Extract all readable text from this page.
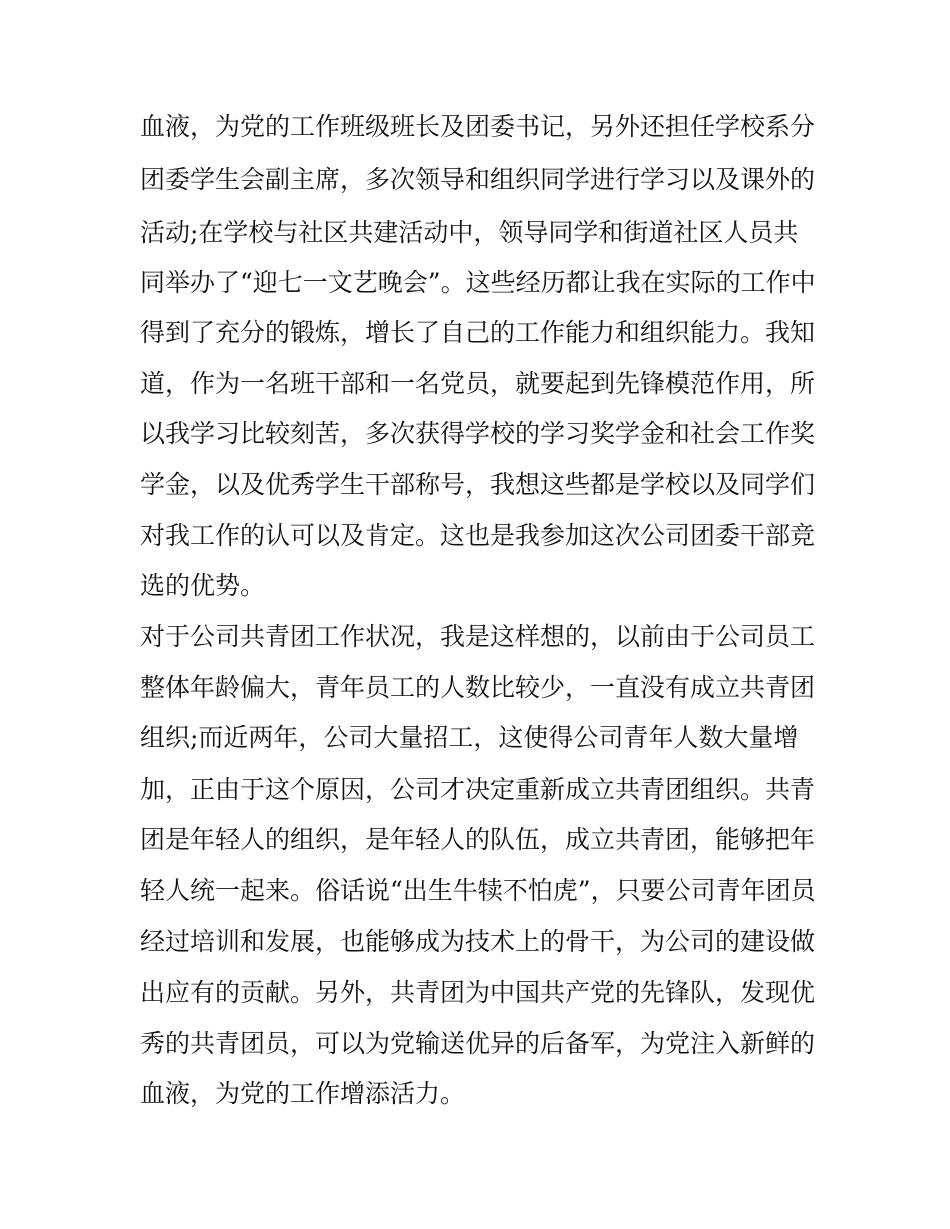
血液，为党的工作班级班长及团委书记，另外还担任学校系分

团委学生会副主席，多次领导和组织同学进行学习以及课外的

活动;在学校与社区共建活动中，领导同学和街道社区人员共

同举办了“迎七一文艺晚会”。这些经历都让我在实际的工作中

得到了充分的锻炼，增长了自己的工作能力和组织能力。我知

道，作为一名班干部和一名党员，就要起到先锋模范作用，所

以我学习比较刻苦，多次获得学校的学习奖学金和社会工作奖

学金，以及优秀学生干部称号，我想这些都是学校以及同学们

对我工作的认可以及肯定。这也是我参加这次公司团委干部竞

选的优势。

对于公司共青团工作状况，我是这样想的，以前由于公司员工

整体年龄偏大，青年员工的人数比较少，一直没有成立共青团

组织;而近两年，公司大量招工，这使得公司青年人数大量增

加，正由于这个原因，公司才决定重新成立共青团组织。共青

团是年轻人的组织，是年轻人的队伍，成立共青团，能够把年

轻人统一起来。俗话说“出生牛犊不怕虎”，只要公司青年团员

经过培训和发展，也能够成为技术上的骨干，为公司的建设做

出应有的贡献。另外，共青团为中国共产党的先锋队，发现优

秀的共青团员，可以为党输送优异的后备军，为党注入新鲜的

血液，为党的工作增添活力。
